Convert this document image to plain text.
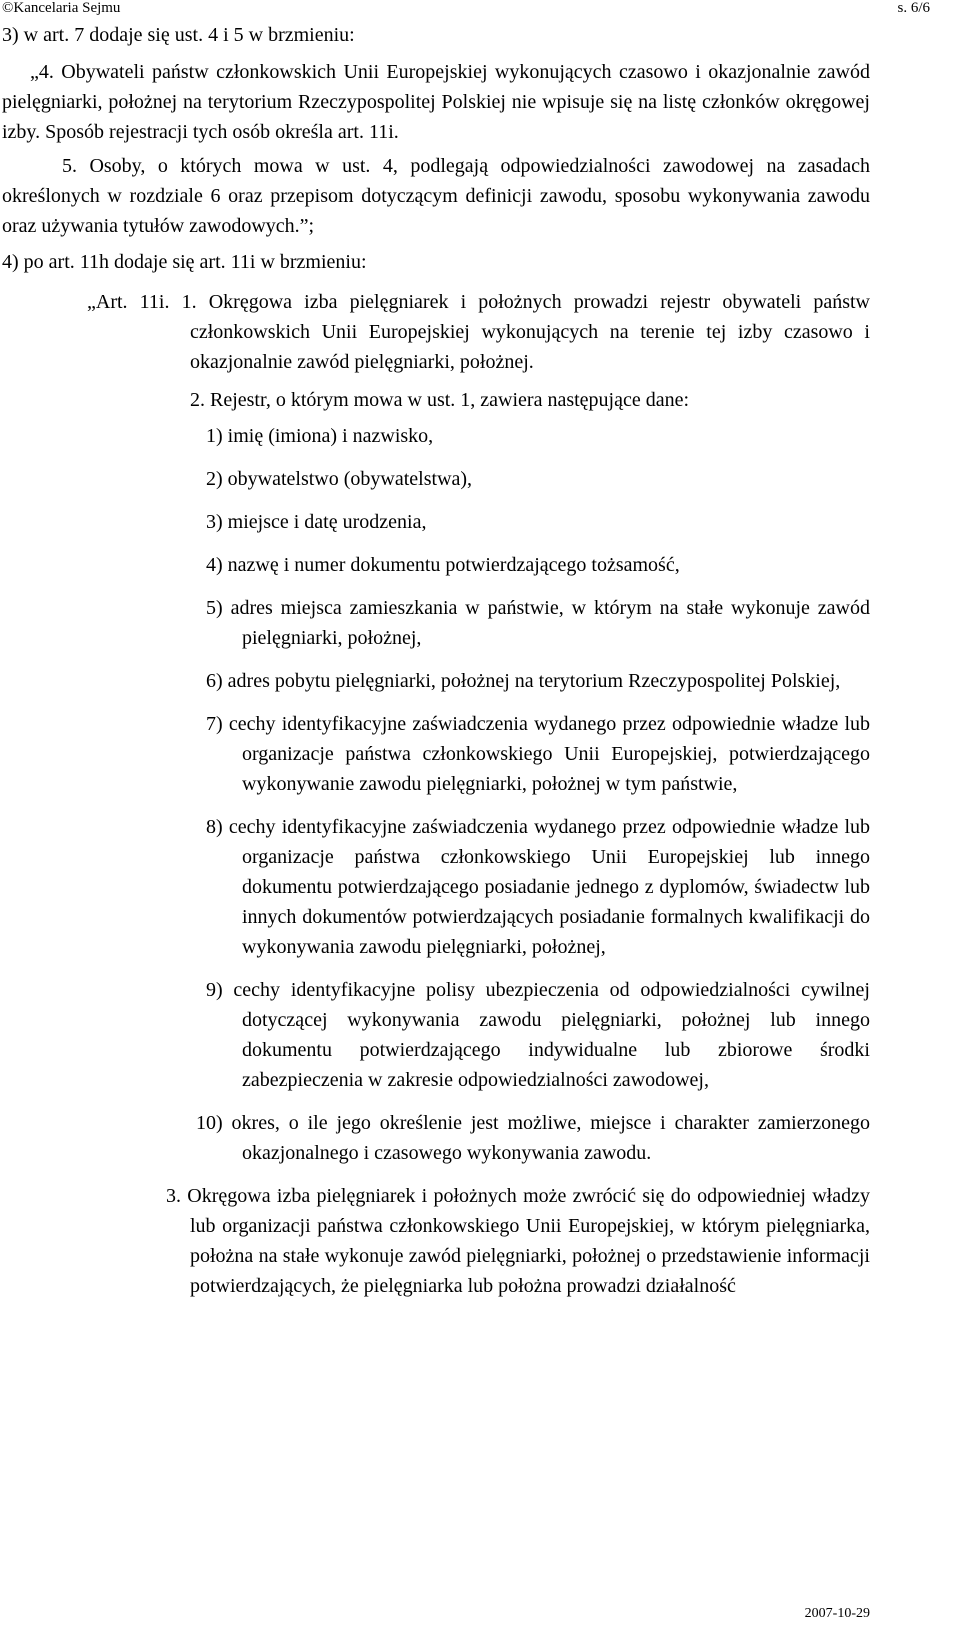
©Kancelaria Sejmu	s. 6/6

3) w art. 7 dodaje się ust. 4 i 5 w brzmieniu:

„4. Obywateli państw członkowskich Unii Europejskiej wykonujących czasowo i okazjonalnie zawód pielęgniarki, położnej na terytorium Rzeczypospolitej Polskiej nie wpisuje się na listę członków okręgowej izby. Sposób rejestracji tych osób określa art. 11i.

5. Osoby, o których mowa w ust. 4, podlegają odpowiedzialności zawodowej na zasadach określonych w rozdziale 6 oraz przepisom dotyczącym definicji zawodu, sposobu wykonywania zawodu oraz używania tytułów zawodowych.”;

4) po art. 11h dodaje się art. 11i w brzmieniu:

„Art. 11i. 1. Okręgowa izba pielęgniarek i położnych prowadzi rejestr obywateli państw członkowskich Unii Europejskiej wykonujących na terenie tej izby czasowo i okazjonalnie zawód pielęgniarki, położnej.

2. Rejestr, o którym mowa w ust. 1, zawiera następujące dane:

1) imię (imiona) i nazwisko,

2) obywatelstwo (obywatelstwa),

3) miejsce i datę urodzenia,

4) nazwę i numer dokumentu potwierdzającego tożsamość,

5) adres miejsca zamieszkania w państwie, w którym na stałe wykonuje zawód pielęgniarki, położnej,

6) adres pobytu pielęgniarki, położnej na terytorium Rzeczypospolitej Polskiej,

7) cechy identyfikacyjne zaświadczenia wydanego przez odpowiednie władze lub organizacje państwa członkowskiego Unii Europejskiej, potwierdzającego wykonywanie zawodu pielęgniarki, położnej w tym państwie,

8) cechy identyfikacyjne zaświadczenia wydanego przez odpowiednie władze lub organizacje państwa członkowskiego Unii Europejskiej lub innego dokumentu potwierdzającego posiadanie jednego z dyplomów, świadectw lub innych dokumentów potwierdzających posiadanie formalnych kwalifikacji do wykonywania zawodu pielęgniarki, położnej,

9) cechy identyfikacyjne polisy ubezpieczenia od odpowiedzialności cywilnej dotyczącej wykonywania zawodu pielęgniarki, położnej lub innego dokumentu potwierdzającego indywidualne lub zbiorowe środki zabezpieczenia w zakresie odpowiedzialności zawodowej,

10) okres, o ile jego określenie jest możliwe, miejsce i charakter zamierzonego okazjonalnego i czasowego wykonywania zawodu.

3. Okręgowa izba pielęgniarek i położnych może zwrócić się do odpowiedniej władzy lub organizacji państwa członkowskiego Unii Europejskiej, w którym pielęgniarka, położna na stałe wykonuje zawód pielęgniarki, położnej o przedstawienie informacji potwierdzających, że pielęgniarka lub położna prowadzi działalność

2007-10-29
